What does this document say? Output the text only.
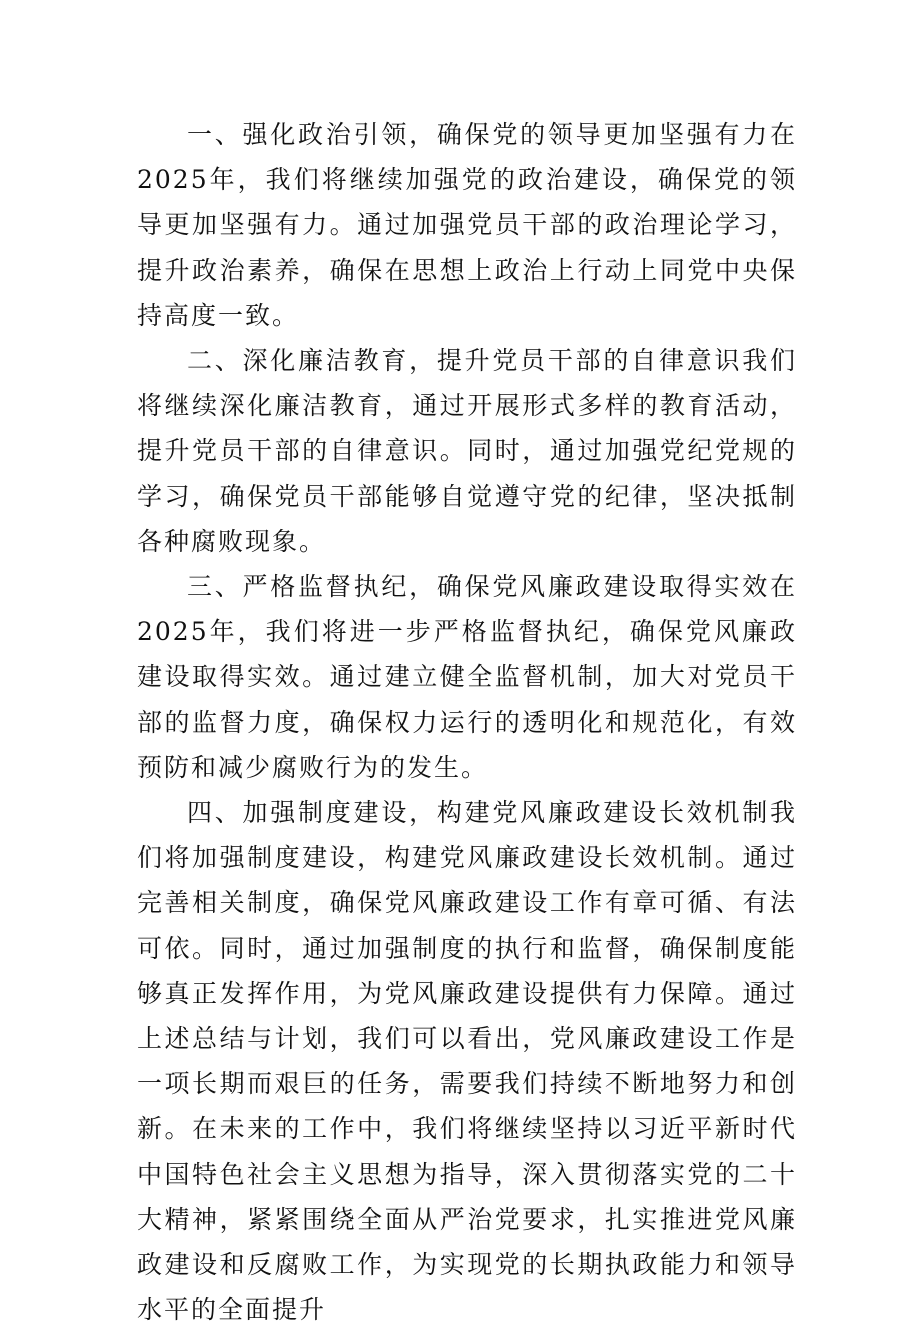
一、强化政治引领，确保党的领导更加坚强有力在2025年，我们将继续加强党的政治建设，确保党的领导更加坚强有力。通过加强党员干部的政治理论学习，提升政治素养，确保在思想上政治上行动上同党中央保持高度一致。

二、深化廉洁教育，提升党员干部的自律意识我们将继续深化廉洁教育，通过开展形式多样的教育活动，提升党员干部的自律意识。同时，通过加强党纪党规的学习，确保党员干部能够自觉遵守党的纪律，坚决抵制各种腐败现象。

三、严格监督执纪，确保党风廉政建设取得实效在2025年，我们将进一步严格监督执纪，确保党风廉政建设取得实效。通过建立健全监督机制，加大对党员干部的监督力度，确保权力运行的透明化和规范化，有效预防和减少腐败行为的发生。

四、加强制度建设，构建党风廉政建设长效机制我们将加强制度建设，构建党风廉政建设长效机制。通过完善相关制度，确保党风廉政建设工作有章可循、有法可依。同时，通过加强制度的执行和监督，确保制度能够真正发挥作用，为党风廉政建设提供有力保障。通过上述总结与计划，我们可以看出，党风廉政建设工作是一项长期而艰巨的任务，需要我们持续不断地努力和创新。在未来的工作中，我们将继续坚持以习近平新时代中国特色社会主义思想为指导，深入贯彻落实党的二十大精神，紧紧围绕全面从严治党要求，扎实推进党风廉政建设和反腐败工作，为实现党的长期执政能力和领导水平的全面提升
